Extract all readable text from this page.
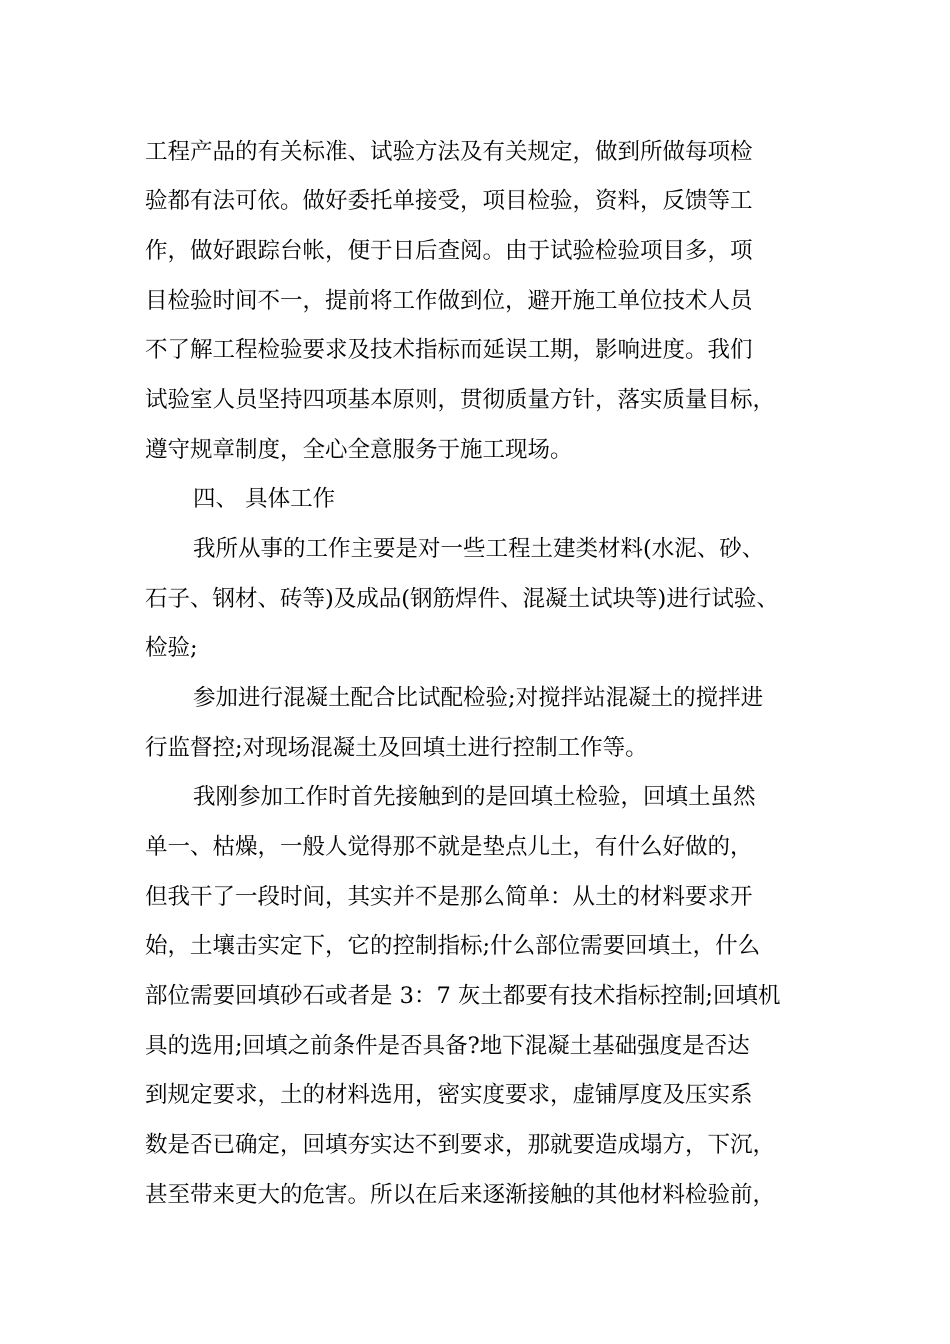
工程产品的有关标准、试验方法及有关规定，做到所做每项检
验都有法可依。做好委托单接受，项目检验，资料，反馈等工
作，做好跟踪台帐，便于日后查阅。由于试验检验项目多，项
目检验时间不一，提前将工作做到位，避开施工单位技术人员
不了解工程检验要求及技术指标而延误工期，影响进度。我们
试验室人员坚持四项基本原则，贯彻质量方针，落实质量目标，
遵守规章制度，全心全意服务于施工现场。
四、 具体工作
我所从事的工作主要是对一些工程土建类材料(水泥、砂、
石子、钢材、砖等)及成品(钢筋焊件、混凝土试块等)进行试验、
检验;
参加进行混凝土配合比试配检验;对搅拌站混凝土的搅拌进
行监督控;对现场混凝土及回填土进行控制工作等。
我刚参加工作时首先接触到的是回填土检验，回填土虽然
单一、枯燥，一般人觉得那不就是垫点儿土，有什么好做的，
但我干了一段时间，其实并不是那么简单：从土的材料要求开
始，土壤击实定下，它的控制指标;什么部位需要回填土，什么
部位需要回填砂石或者是 3：7 灰土都要有技术指标控制;回填机
具的选用;回填之前条件是否具备?地下混凝土基础强度是否达
到规定要求，土的材料选用，密实度要求，虚铺厚度及压实系
数是否已确定，回填夯实达不到要求，那就要造成塌方，下沉，
甚至带来更大的危害。所以在后来逐渐接触的其他材料检验前，
